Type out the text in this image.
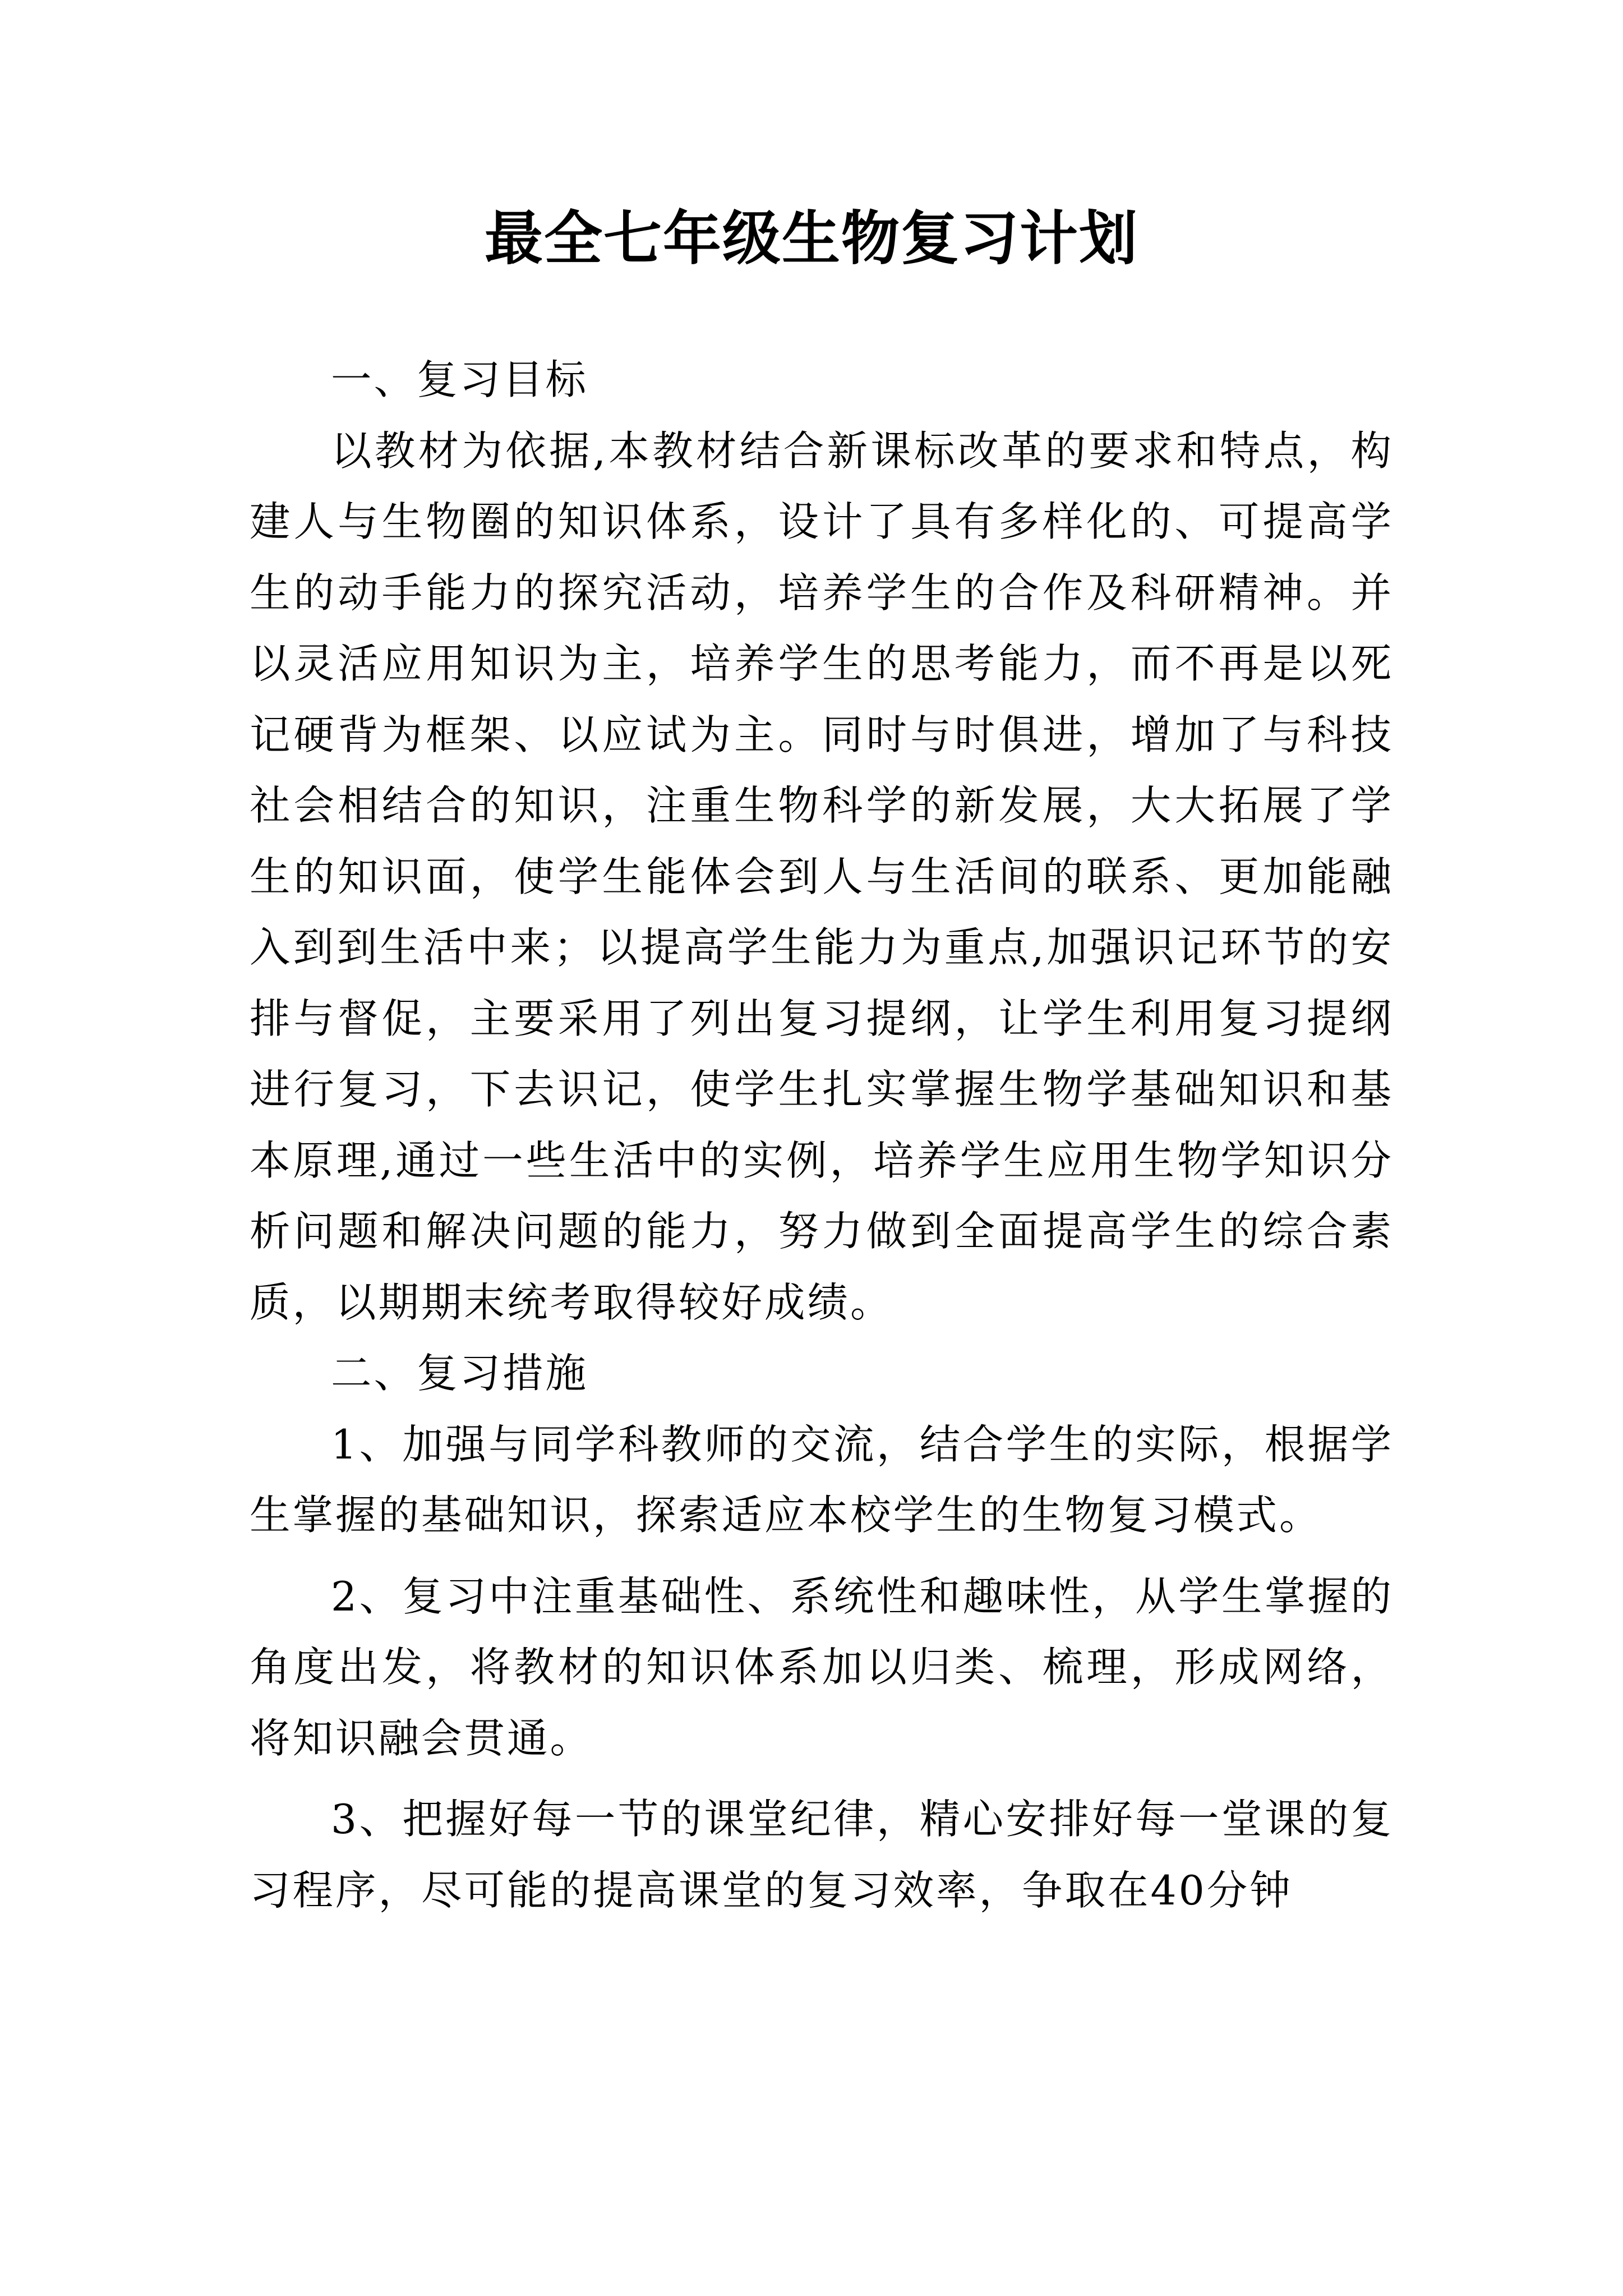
最全七年级生物复习计划

一、复习目标

以教材为依据,本教材结合新课标改革的要求和特点，构建人与生物圈的知识体系，设计了具有多样化的、可提高学生的动手能力的探究活动，培养学生的合作及科研精神。并以灵活应用知识为主，培养学生的思考能力，而不再是以死记硬背为框架、以应试为主。同时与时俱进，增加了与科技社会相结合的知识，注重生物科学的新发展，大大拓展了学生的知识面，使学生能体会到人与生活间的联系、更加能融入到到生活中来；以提高学生能力为重点,加强识记环节的安排与督促，主要采用了列出复习提纲，让学生利用复习提纲进行复习，下去识记，使学生扎实掌握生物学基础知识和基本原理,通过一些生活中的实例，培养学生应用生物学知识分析问题和解决问题的能力，努力做到全面提高学生的综合素质，以期期末统考取得较好成绩。

二、复习措施

1、加强与同学科教师的交流，结合学生的实际，根据学生掌握的基础知识，探索适应本校学生的生物复习模式。

2、复习中注重基础性、系统性和趣味性，从学生掌握的角度出发，将教材的知识体系加以归类、梳理，形成网络，将知识融会贯通。

3、把握好每一节的课堂纪律，精心安排好每一堂课的复习程序，尽可能的提高课堂的复习效率，争取在40分钟
